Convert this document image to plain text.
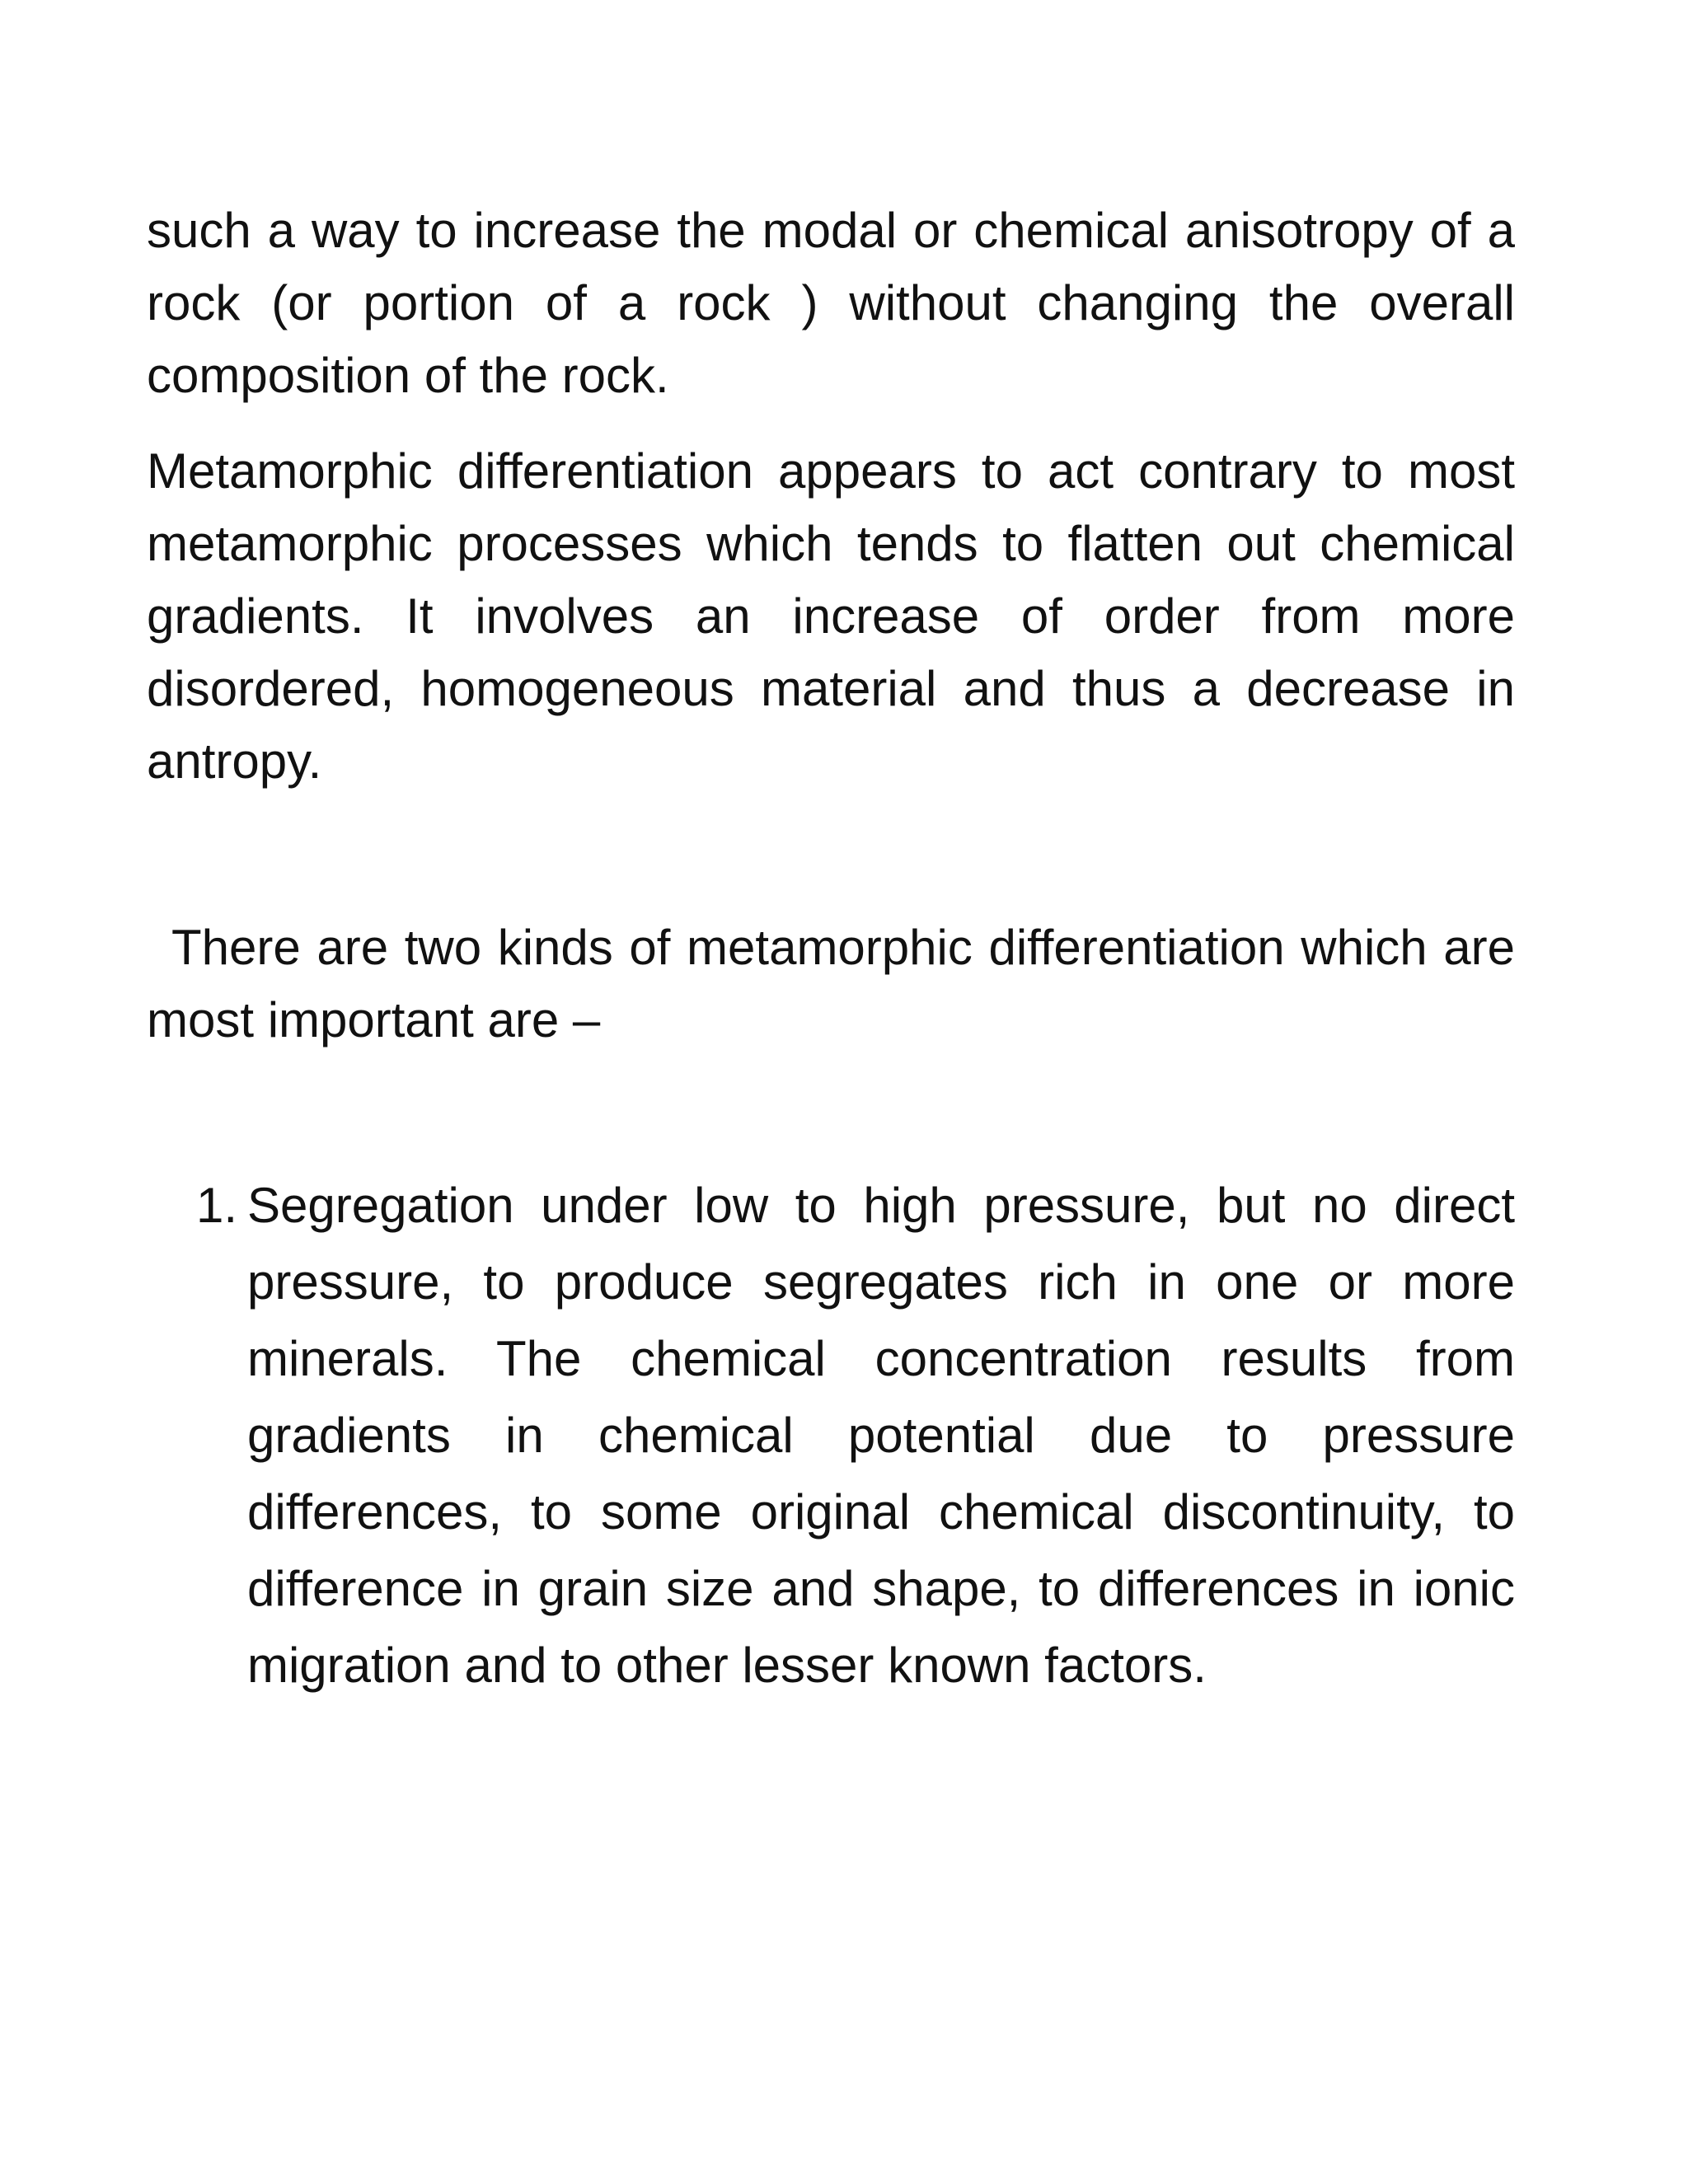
such a way to increase the modal or chemical anisotropy of a rock (or portion of a rock ) without changing the overall composition of the rock.

Metamorphic differentiation appears to act contrary to most metamorphic processes which tends to flatten out chemical gradients. It involves an increase of order from more disordered, homogeneous material and thus a decrease in antropy.

There are two kinds of metamorphic differentiation which are most important are –

1. Segregation under low to high pressure, but no direct pressure, to produce segregates rich in one or more minerals. The chemical concentration results from gradients in chemical potential due to pressure differences, to some original chemical discontinuity, to difference in grain size and shape, to differences in ionic migration and to other lesser known factors.
